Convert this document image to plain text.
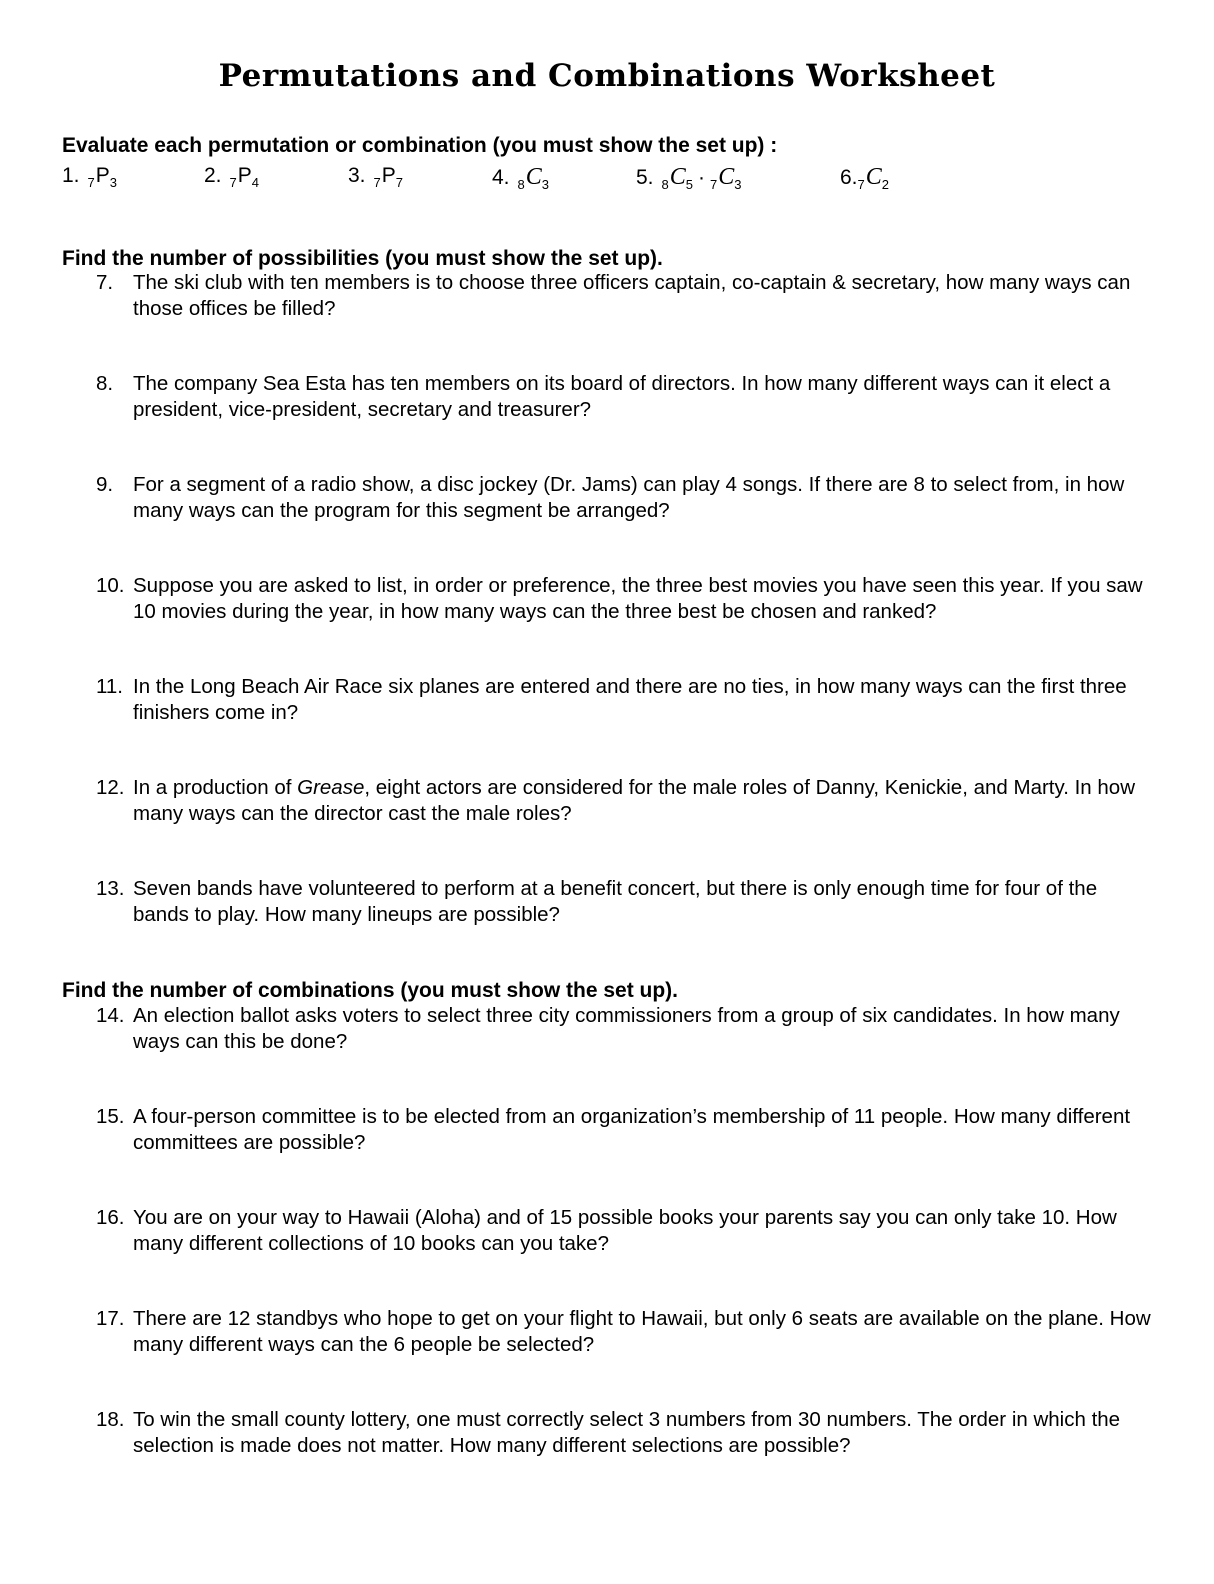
Permutations and Combinations Worksheet

Evaluate each permutation or combination (you must show the set up) :

1. $_7P_3$	2. $_7P_4$	3. $_7P_7$	4. $_8C_3$	5. $_8C_5 \cdot _7C_3$	$6._7C_2$

Find the number of possibilities (you must show the set up).

7. The ski club with ten members is to choose three officers captain, co-captain & secretary, how many ways can those offices be filled?
8. The company Sea Esta has ten members on its board of directors. In how many different ways can it elect a president, vice-president, secretary and treasurer?
9. For a segment of a radio show, a disc jockey (Dr. Jams) can play 4 songs. If there are 8 to select from, in how many ways can the program for this segment be arranged?
10. Suppose you are asked to list, in order or preference, the three best movies you have seen this year. If you saw 10 movies during the year, in how many ways can the three best be chosen and ranked?
11. In the Long Beach Air Race six planes are entered and there are no ties, in how many ways can the first three finishers come in?
12. In a production of Grease, eight actors are considered for the male roles of Danny, Kenickie, and Marty. In how many ways can the director cast the male roles?
13. Seven bands have volunteered to perform at a benefit concert, but there is only enough time for four of the bands to play. How many lineups are possible?

Find the number of combinations (you must show the set up).

14. An election ballot asks voters to select three city commissioners from a group of six candidates. In how many ways can this be done?
15. A four-person committee is to be elected from an organization’s membership of 11 people. How many different committees are possible?
16. You are on your way to Hawaii (Aloha) and of 15 possible books your parents say you can only take 10. How many different collections of 10 books can you take?
17. There are 12 standbys who hope to get on your flight to Hawaii, but only 6 seats are available on the plane. How many different ways can the 6 people be selected?
18. To win the small county lottery, one must correctly select 3 numbers from 30 numbers. The order in which the selection is made does not matter. How many different selections are possible?
